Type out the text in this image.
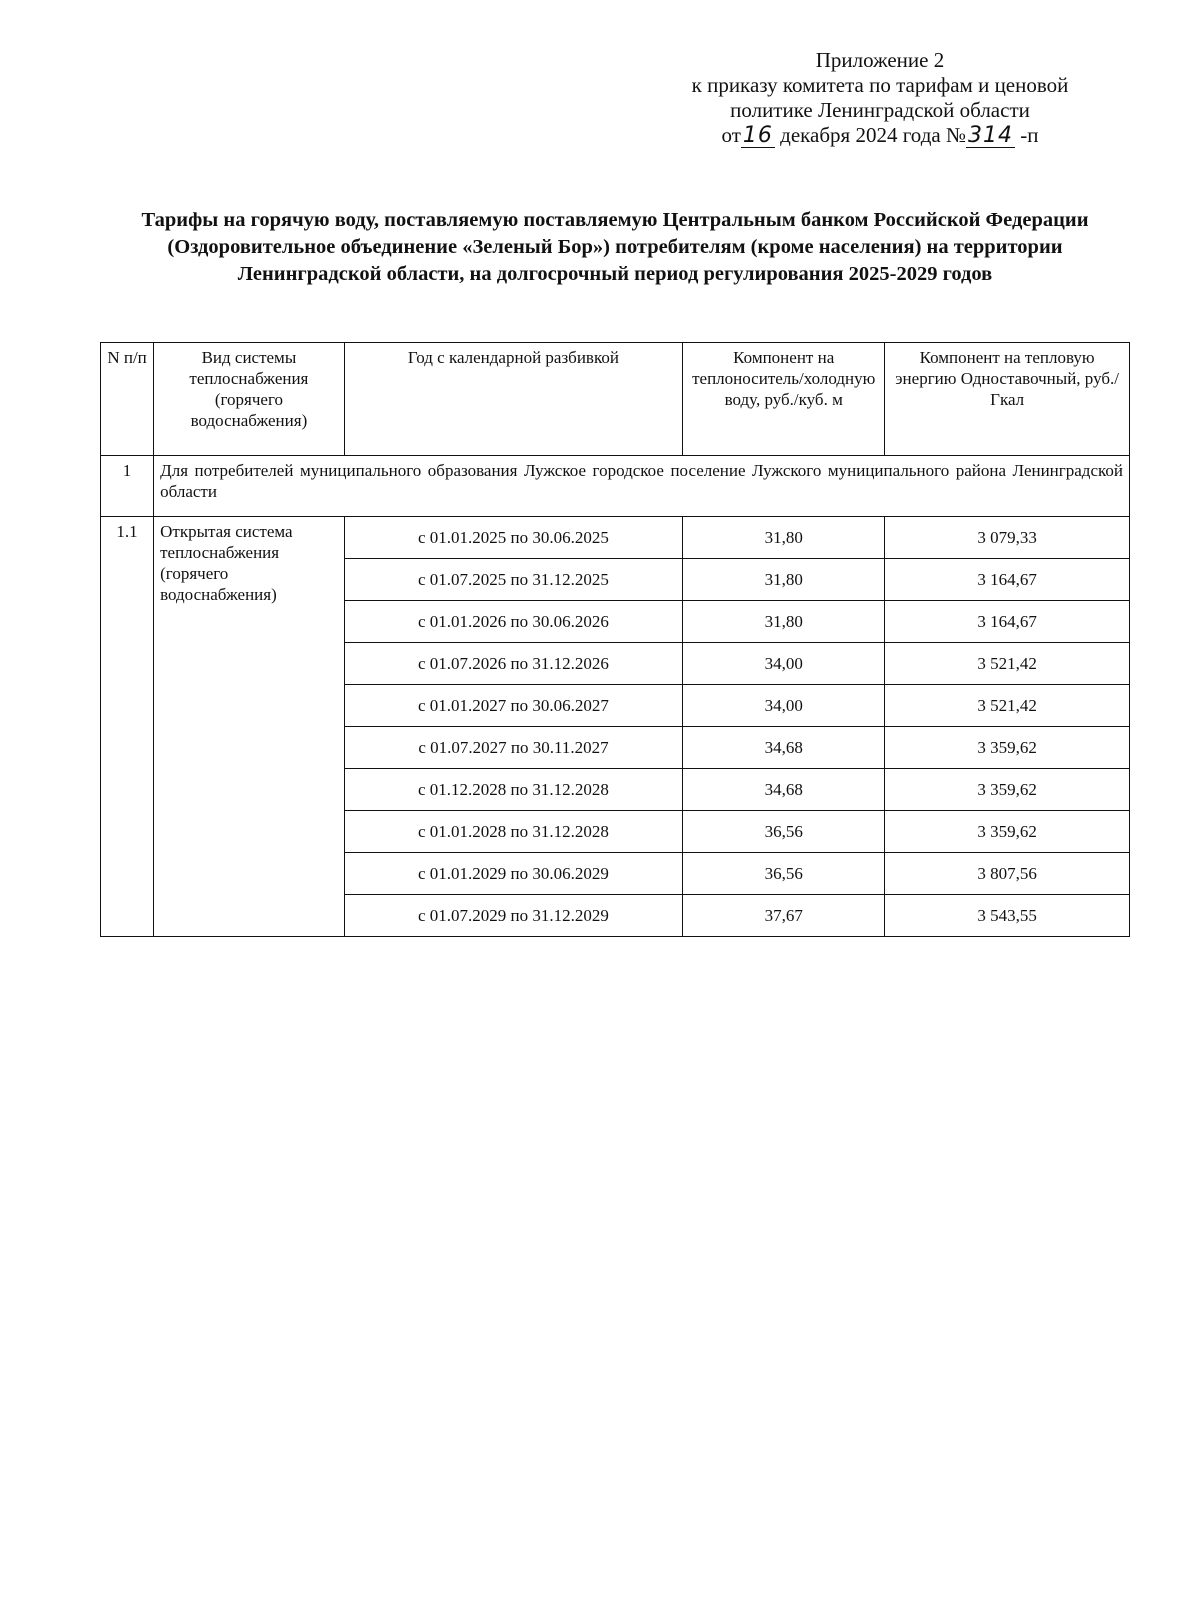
Приложение 2
к приказу комитета по тарифам и ценовой
политике Ленинградской области
от16 декабря 2024 года №314 -п
Тарифы на горячую воду, поставляемую поставляемую Центральным банком Российской Федерации (Оздоровительное объединение «Зеленый Бор») потребителям (кроме населения) на территории Ленинградской области, на долгосрочный период регулирования 2025-2029 годов
N п/п	Вид системы теплоснабжения (горячего водоснабжения)	Год с календарной разбивкой	Компонент на теплоноситель/холодную воду, руб./куб. м	Компонент на тепловую энергию Одноставочный, руб./Гкал
1	Для потребителей муниципального образования Лужское городское поселение Лужского муниципального района Ленинградской области			
1.1	Открытая система теплоснабжения (горячего водоснабжения)	с 01.01.2025 по 30.06.2025	31,80	3 079,33
		с 01.07.2025 по 31.12.2025	31,80	3 164,67
		с 01.01.2026 по 30.06.2026	31,80	3 164,67
		с 01.07.2026 по 31.12.2026	34,00	3 521,42
		с 01.01.2027 по 30.06.2027	34,00	3 521,42
		с 01.07.2027 по 30.11.2027	34,68	3 359,62
		с 01.12.2028 по 31.12.2028	34,68	3 359,62
		с 01.01.2028 по 31.12.2028	36,56	3 359,62
		с 01.01.2029 по 30.06.2029	36,56	3 807,56
		с 01.07.2029 по 31.12.2029	37,67	3 543,55
